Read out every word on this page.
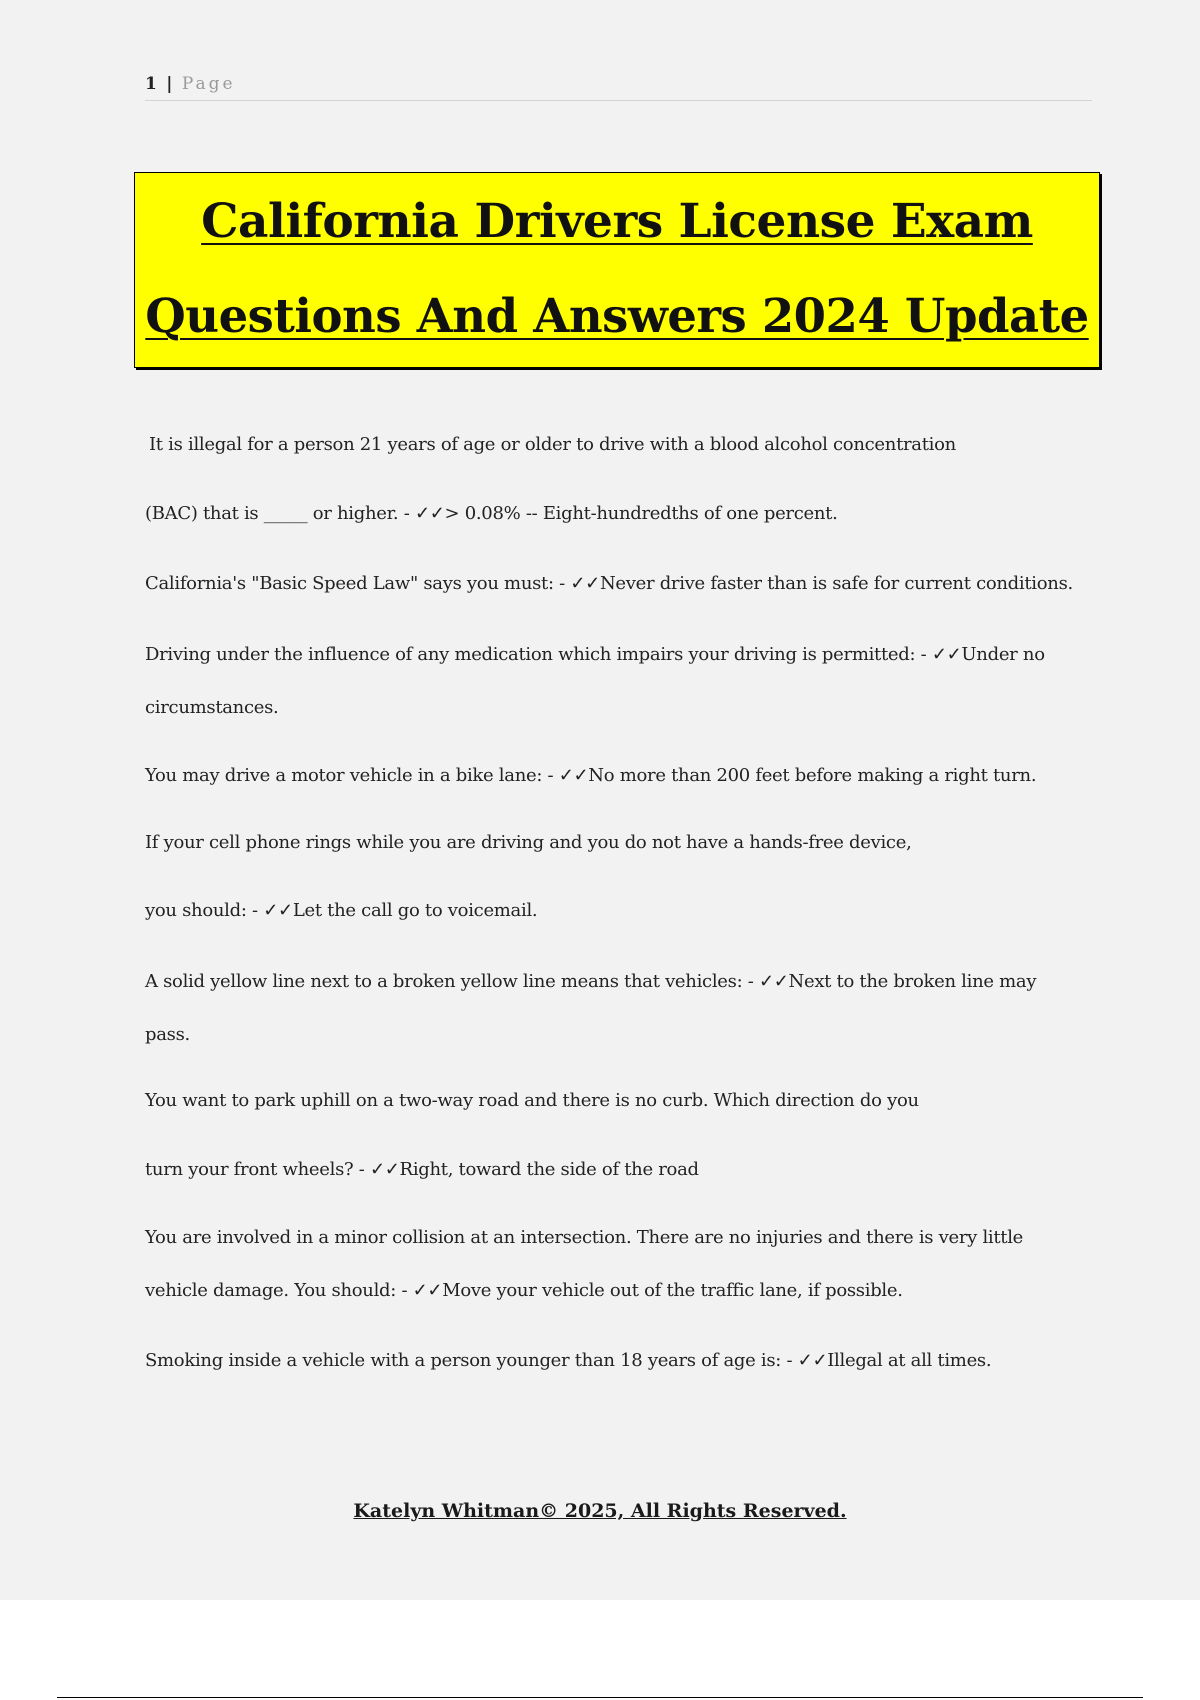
1 | Page
California Drivers License Exam
Questions And Answers 2024 Update
It is illegal for a person 21 years of age or older to drive with a blood alcohol concentration
(BAC) that is _____ or higher. - ✓✓> 0.08% -- Eight-hundredths of one percent.
California's "Basic Speed Law" says you must: - ✓✓Never drive faster than is safe for current conditions.
Driving under the influence of any medication which impairs your driving is permitted: - ✓✓Under no
circumstances.
You may drive a motor vehicle in a bike lane: - ✓✓No more than 200 feet before making a right turn.
If your cell phone rings while you are driving and you do not have a hands-free device,
you should: - ✓✓Let the call go to voicemail.
A solid yellow line next to a broken yellow line means that vehicles: - ✓✓Next to the broken line may
pass.
You want to park uphill on a two-way road and there is no curb. Which direction do you
turn your front wheels? - ✓✓Right, toward the side of the road
You are involved in a minor collision at an intersection. There are no injuries and there is very little
vehicle damage. You should: - ✓✓Move your vehicle out of the traffic lane, if possible.
Smoking inside a vehicle with a person younger than 18 years of age is: - ✓✓Illegal at all times.
Katelyn Whitman© 2025, All Rights Reserved.
